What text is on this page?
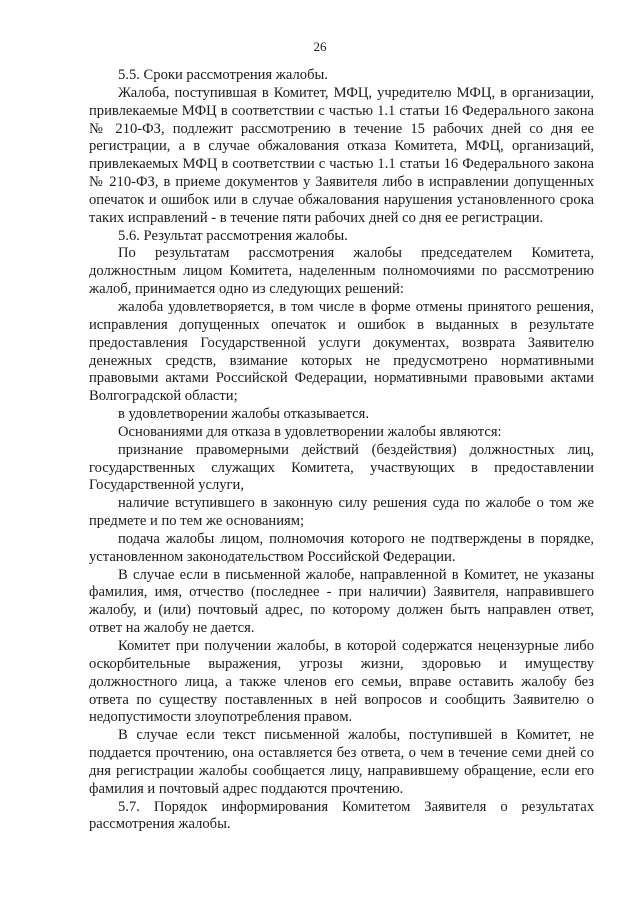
26

5.5. Сроки рассмотрения жалобы.

Жалоба, поступившая в Комитет, МФЦ, учредителю МФЦ, в организации, привлекаемые МФЦ в соответствии с частью 1.1 статьи 16 Федерального закона № 210-ФЗ, подлежит рассмотрению в течение 15 рабочих дней со дня ее регистрации, а в случае обжалования отказа Комитета, МФЦ, организаций, привлекаемых МФЦ в соответствии с частью 1.1 статьи 16 Федерального закона № 210-ФЗ, в приеме документов у Заявителя либо в исправлении допущенных опечаток и ошибок или в случае обжалования нарушения установленного срока таких исправлений - в течение пяти рабочих дней со дня ее регистрации.

5.6. Результат рассмотрения жалобы.

По результатам рассмотрения жалобы председателем Комитета, должностным лицом Комитета, наделенным полномочиями по рассмотрению жалоб, принимается одно из следующих решений:

жалоба удовлетворяется, в том числе в форме отмены принятого решения, исправления допущенных опечаток и ошибок в выданных в результате предоставления Государственной услуги документах, возврата Заявителю денежных средств, взимание которых не предусмотрено нормативными правовыми актами Российской Федерации, нормативными правовыми актами Волгоградской области;

в удовлетворении жалобы отказывается.

Основаниями для отказа в удовлетворении жалобы являются:

признание правомерными действий (бездействия) должностных лиц, государственных служащих Комитета, участвующих в предоставлении Государственной услуги,

наличие вступившего в законную силу решения суда по жалобе о том же предмете и по тем же основаниям;

подача жалобы лицом, полномочия которого не подтверждены в порядке, установленном законодательством Российской Федерации.

В случае если в письменной жалобе, направленной в Комитет, не указаны фамилия, имя, отчество (последнее - при наличии) Заявителя, направившего жалобу, и (или) почтовый адрес, по которому должен быть направлен ответ, ответ на жалобу не дается.

Комитет при получении жалобы, в которой содержатся нецензурные либо оскорбительные выражения, угрозы жизни, здоровью и имуществу должностного лица, а также членов его семьи, вправе оставить жалобу без ответа по существу поставленных в ней вопросов и сообщить Заявителю о недопустимости злоупотребления правом.

В случае если текст письменной жалобы, поступившей в Комитет, не поддается прочтению, она оставляется без ответа, о чем в течение семи дней со дня регистрации жалобы сообщается лицу, направившему обращение, если его фамилия и почтовый адрес поддаются прочтению.

5.7. Порядок информирования Комитетом Заявителя о результатах рассмотрения жалобы.
